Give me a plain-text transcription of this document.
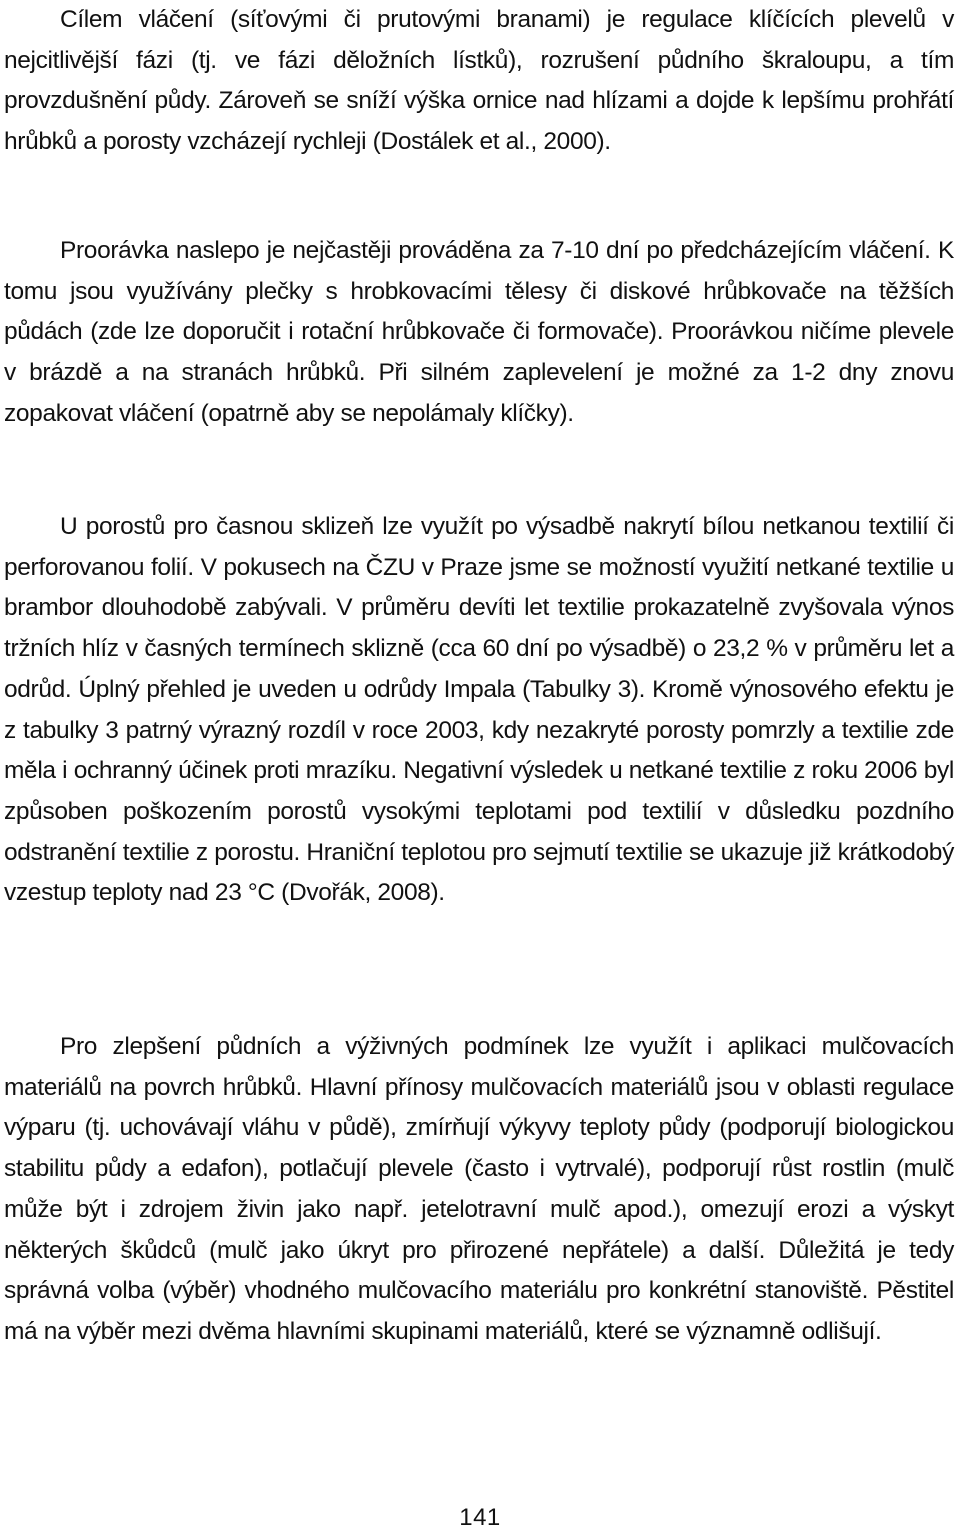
Cílem vláčení (síťovými či prutovými branami) je regulace klíčících plevelů v nejcitlivější fázi (tj. ve fázi děložních lístků), rozrušení půdního škraloupu, a tím provzdušnění půdy. Zároveň se sníží výška ornice nad hlízami a dojde k lepšímu prohřátí hrůbků a porosty vzcházejí rychleji (Dostálek et al., 2000).

Proorávka naslepo je nejčastěji prováděna za 7-10 dní po předcházejícím vláčení. K tomu jsou využívány plečky s hrobkovacími tělesy či diskové hrůbkovače na těžších půdách (zde lze doporučit i rotační hrůbkovače či formovače). Proorávkou ničíme plevele v brázdě a na stranách hrůbků. Při silném zaplevelení je možné za 1-2 dny znovu zopakovat vláčení (opatrně aby se nepolámaly klíčky).

U porostů pro časnou sklizeň lze využít po výsadbě nakrytí bílou netkanou textilií či perforovanou folií. V pokusech na ČZU v Praze jsme se možností využití netkané textilie u brambor dlouhodobě zabývali. V průměru devíti let textilie prokazatelně zvyšovala výnos tržních hlíz v časných termínech sklizně (cca 60 dní po výsadbě) o 23,2 % v průměru let a odrůd. Úplný přehled je uveden u odrůdy Impala (Tabulky 3). Kromě výnosového efektu je z tabulky 3 patrný výrazný rozdíl v roce 2003, kdy nezakryté porosty pomrzly a textilie zde měla i ochranný účinek proti mrazíku. Negativní výsledek u netkané textilie z roku 2006 byl způsoben poškozením porostů vysokými teplotami pod textilií v důsledku pozdního odstranění textilie z porostu. Hraniční teplotou pro sejmutí textilie se ukazuje již krátkodobý vzestup teploty nad 23 °C (Dvořák, 2008).

Pro zlepšení půdních a výživných podmínek lze využít i aplikaci mulčovacích materiálů na povrch hrůbků. Hlavní přínosy mulčovacích materiálů jsou v oblasti regulace výparu (tj. uchovávají vláhu v půdě), zmírňují výkyvy teploty půdy (podporují biologickou stabilitu půdy a edafon), potlačují plevele (často i vytrvalé), podporují růst rostlin (mulč může být i zdrojem živin jako např. jetelotravní mulč apod.), omezují erozi a výskyt některých škůdců (mulč jako úkryt pro přirozené nepřátele) a další. Důležitá je tedy správná volba (výběr) vhodného mulčovacího materiálu pro konkrétní stanoviště. Pěstitel má na výběr mezi dvěma hlavními skupinami materiálů, které se významně odlišují.

141
